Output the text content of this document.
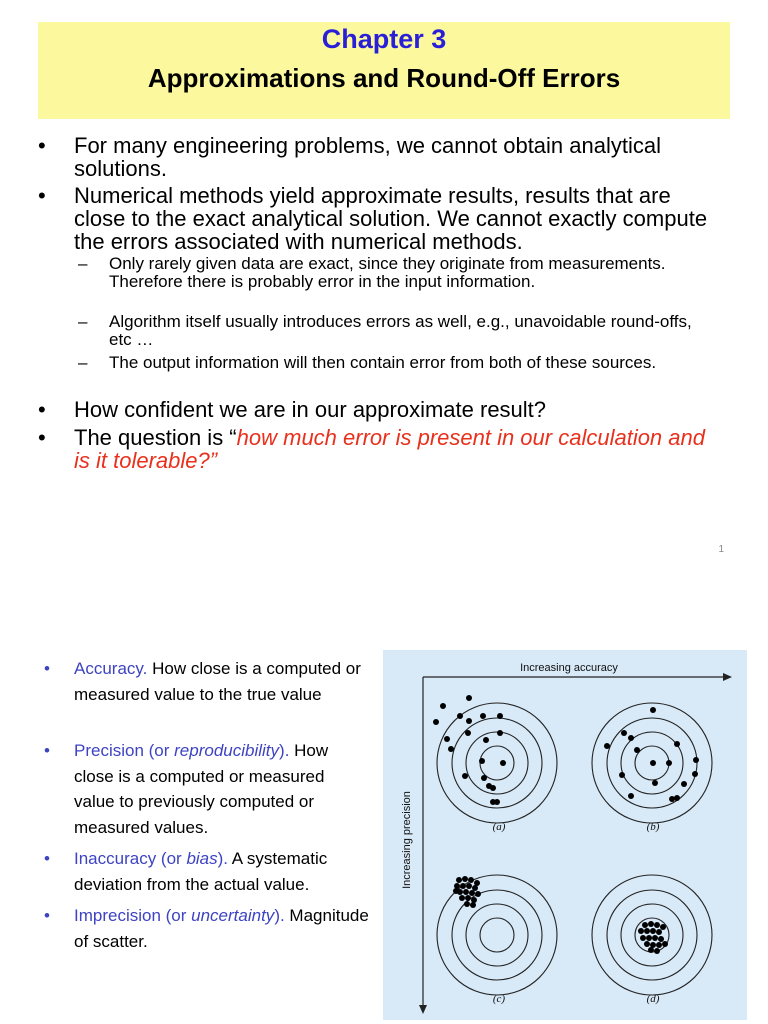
Chapter 3
Approximations and Round-Off Errors
• For many engineering problems, we cannot obtain analytical solutions.
• Numerical methods yield approximate results, results that are close to the exact analytical solution. We cannot exactly compute the errors associated with numerical methods.
– Only rarely given data are exact, since they originate from measurements. Therefore there is probably error in the input information.
– Algorithm itself usually introduces errors as well, e.g., unavoidable round-offs, etc …
– The output information will then contain error from both of these sources.
• How confident we are in our approximate result?
• The question is “how much error is present in our calculation and is it tolerable?”
1
• Accuracy. How close is a computed or measured value to the true value
• Precision (or reproducibility). How close is a computed or measured value to previously computed or measured values.
• Inaccuracy (or bias). A systematic deviation from the actual value.
• Imprecision (or uncertainty). Magnitude of scatter.
Increasing accuracy
Increasing precision	(a)	(b)
(c)	(d)
